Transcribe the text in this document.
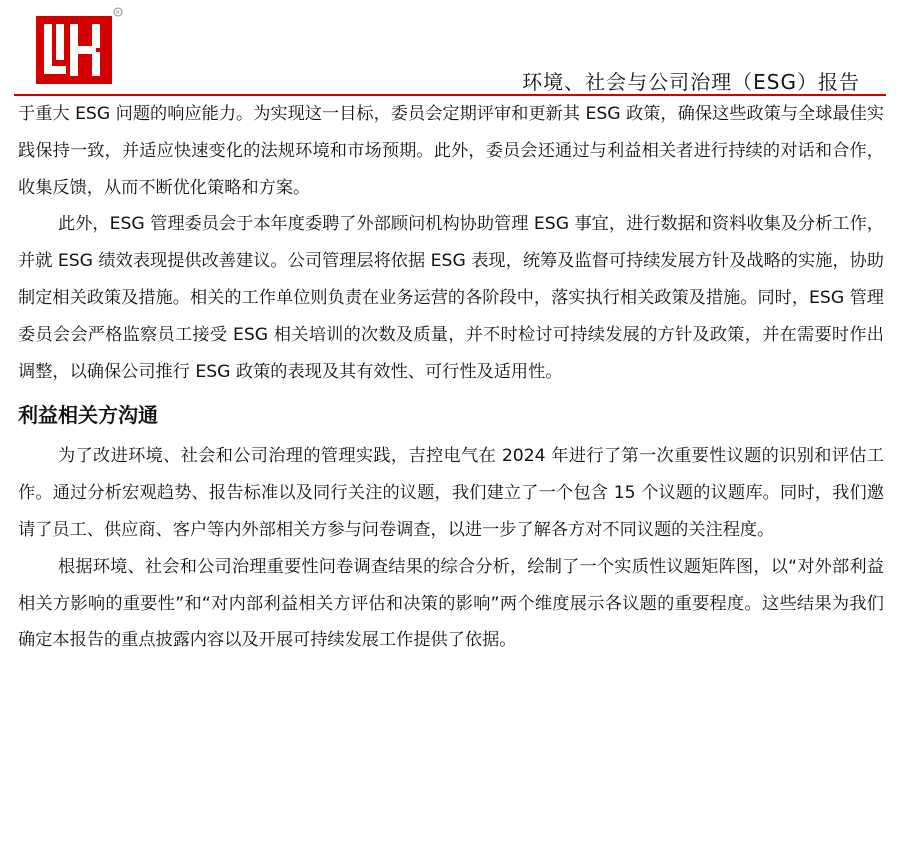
R
环境、社会与公司治理（ESG）报告

于重大 ESG 问题的响应能力。为实现这一目标，委员会定期评审和更新其 ESG 政策，确保这些政策与全球最佳实践保持一致，并适应快速变化的法规环境和市场预期。此外，委员会还通过与利益相关者进行持续的对话和合作，收集反馈，从而不断优化策略和方案。

此外，ESG 管理委员会于本年度委聘了外部顾问机构协助管理 ESG 事宜，进行数据和资料收集及分析工作，并就 ESG 绩效表现提供改善建议。公司管理层将依据 ESG 表现，统筹及监督可持续发展方针及战略的实施，协助制定相关政策及措施。相关的工作单位则负责在业务运营的各阶段中，落实执行相关政策及措施。同时，ESG 管理委员会会严格监察员工接受 ESG 相关培训的次数及质量，并不时检讨可持续发展的方针及政策，并在需要时作出调整，以确保公司推行 ESG 政策的表现及其有效性、可行性及适用性。

利益相关方沟通

为了改进环境、社会和公司治理的管理实践，吉控电气在 2024 年进行了第一次重要性议题的识别和评估工作。通过分析宏观趋势、报告标准以及同行关注的议题，我们建立了一个包含 15 个议题的议题库。同时，我们邀请了员工、供应商、客户等内外部相关方参与问卷调查，以进一步了解各方对不同议题的关注程度。

根据环境、社会和公司治理重要性问卷调查结果的综合分析，绘制了一个实质性议题矩阵图，以“对外部利益相关方影响的重要性”和“对内部利益相关方评估和决策的影响”两个维度展示各议题的重要程度。这些结果为我们确定本报告的重点披露内容以及开展可持续发展工作提供了依据。
